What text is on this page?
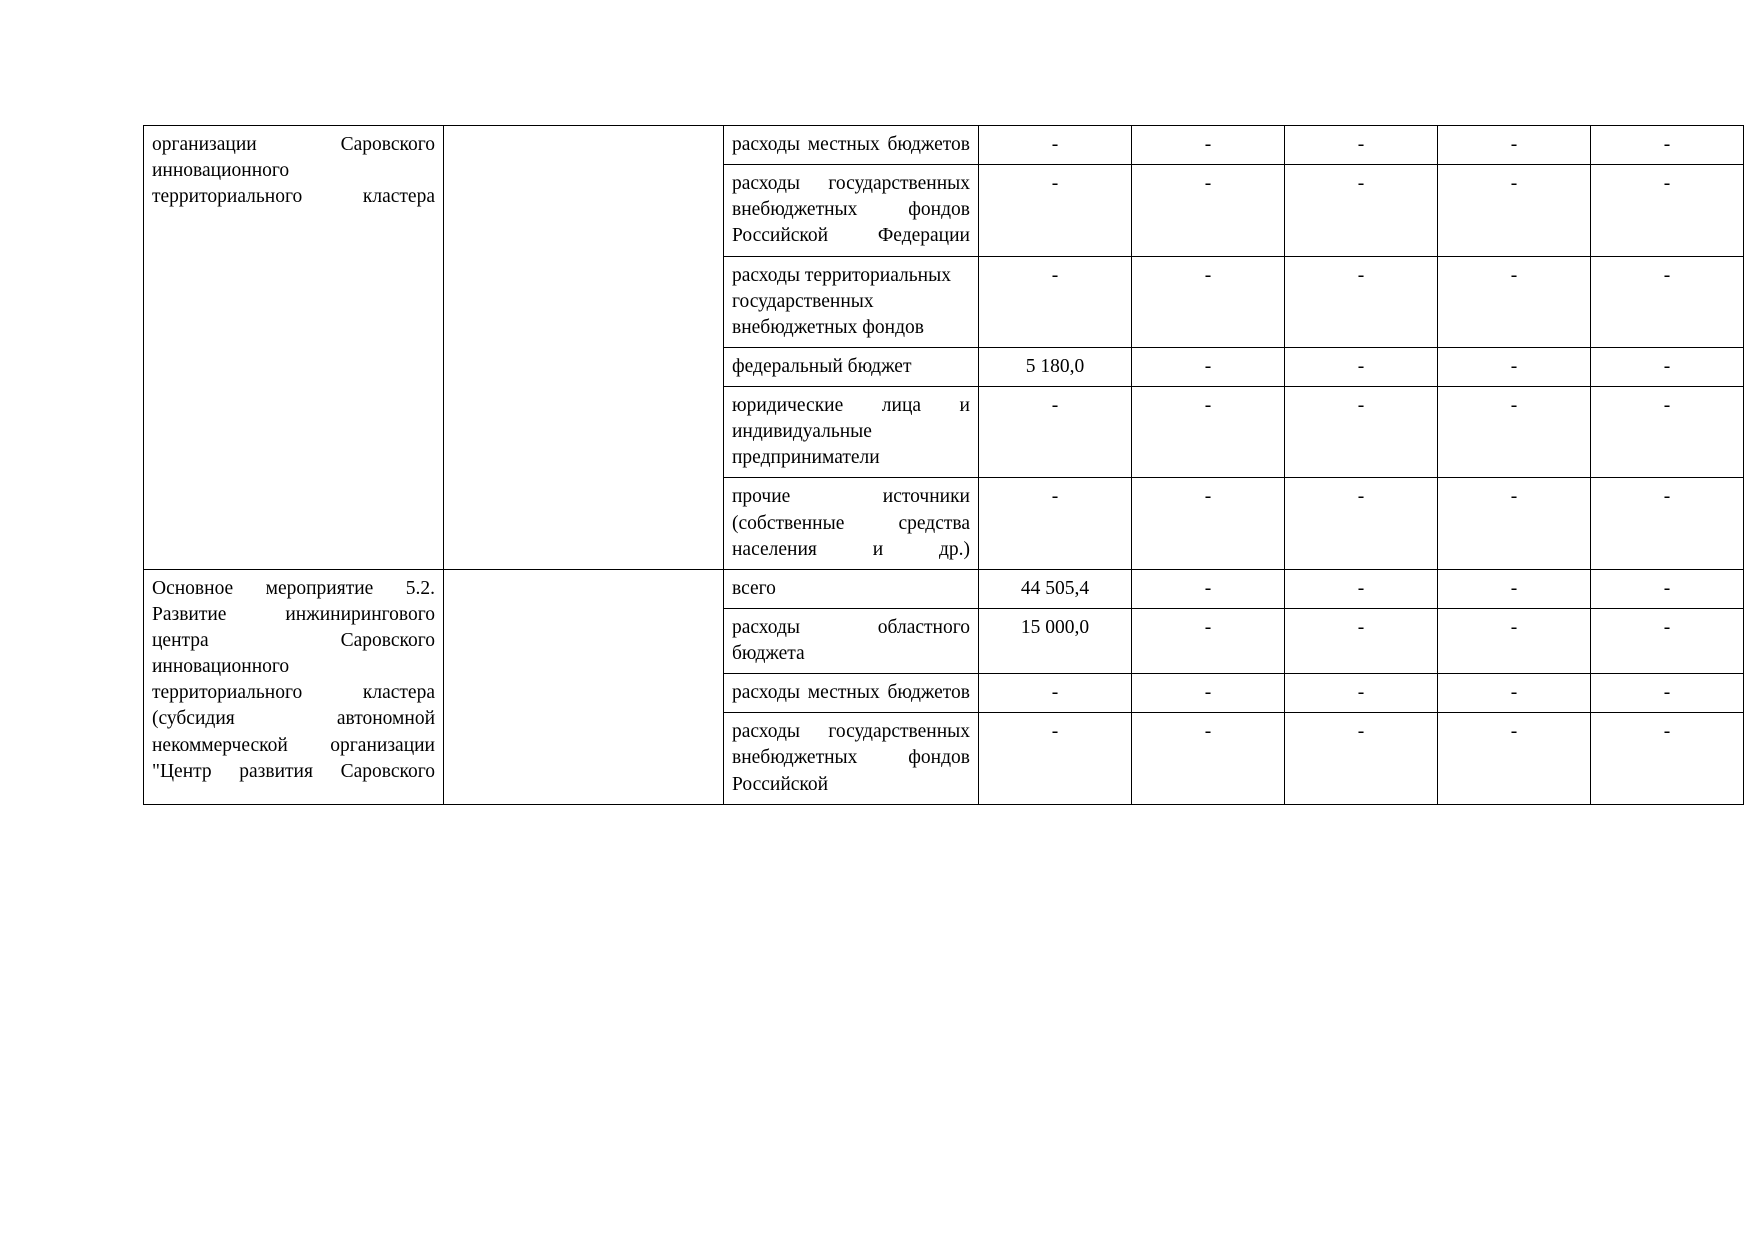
организации Саровского инновационного территориального кластера		расходы местных бюджетов	-	-	-	-	-
		расходы государственных внебюджетных фондов Российской Федерации	-	-	-	-	-
		расходы территориальных государственных внебюджетных фондов	-	-	-	-	-
		федеральный бюджет	5 180,0	-	-	-	-
		юридические лица и индивидуальные предприниматели	-	-	-	-	-
		прочие источники (собственные средства населения и др.)	-	-	-	-	-
Основное мероприятие 5.2. Развитие инжинирингового центра Саровского инновационного территориального кластера (субсидия автономной некоммерческой организации "Центр развития Саровского		всего	44 505,4	-	-	-	-
		расходы областного бюджета	15 000,0	-	-	-	-
		расходы местных бюджетов	-	-	-	-	-
		расходы государственных внебюджетных фондов Российской	-	-	-	-	-
